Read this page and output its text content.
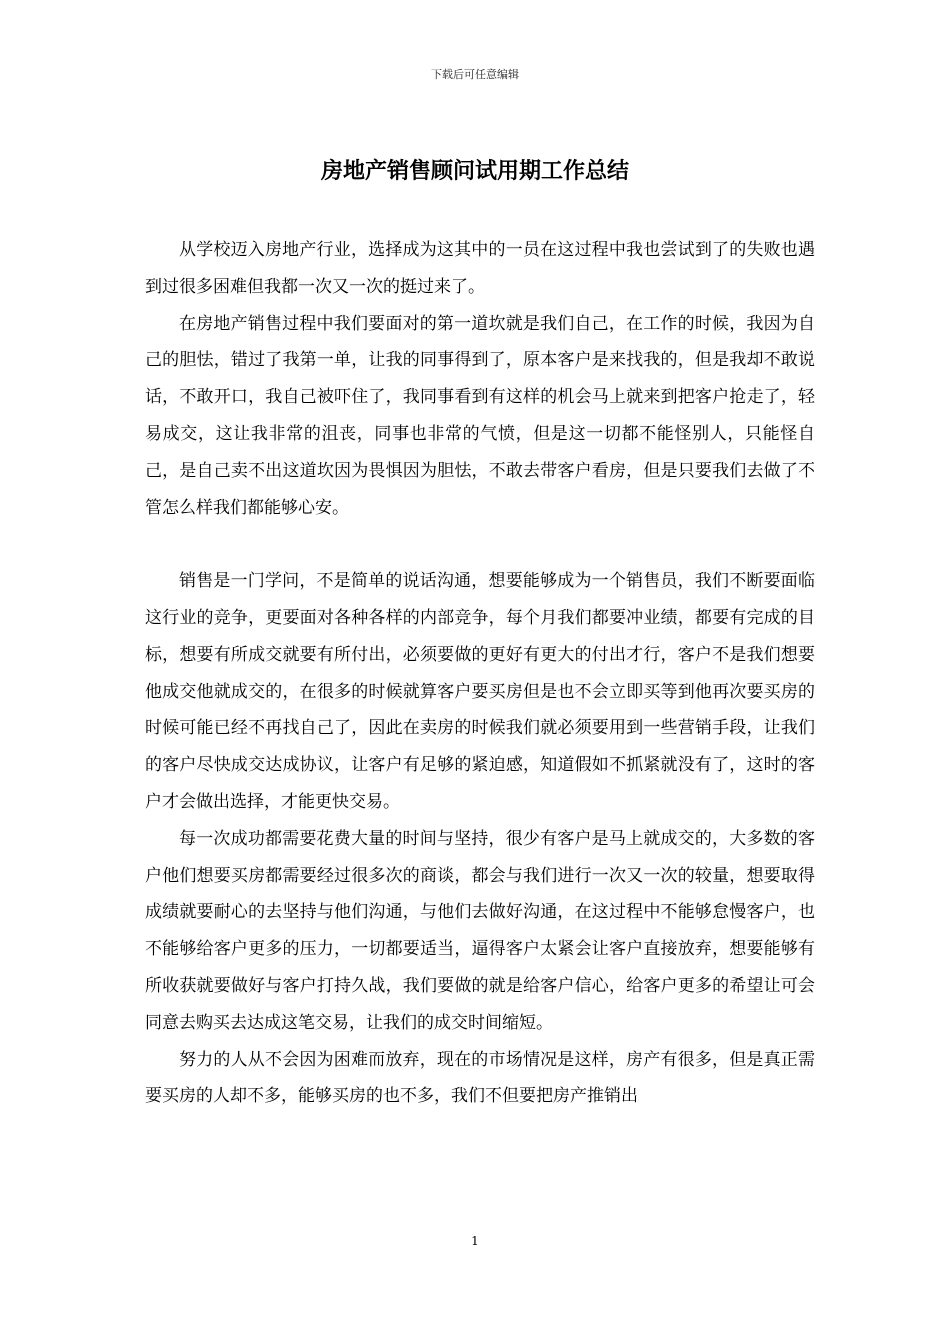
下载后可任意编辑
房地产销售顾问试用期工作总结

从学校迈入房地产行业，选择成为这其中的一员在这过程中我也尝试到了的失败也遇到过很多困难但我都一次又一次的挺过来了。

在房地产销售过程中我们要面对的第一道坎就是我们自己，在工作的时候，我因为自己的胆怯，错过了我第一单，让我的同事得到了，原本客户是来找我的，但是我却不敢说话，不敢开口，我自己被吓住了，我同事看到有这样的机会马上就来到把客户抢走了，轻易成交，这让我非常的沮丧，同事也非常的气愤，但是这一切都不能怪别人，只能怪自己，是自己卖不出这道坎因为畏惧因为胆怯，不敢去带客户看房，但是只要我们去做了不管怎么样我们都能够心安。

销售是一门学问，不是简单的说话沟通，想要能够成为一个销售员，我们不断要面临这行业的竞争，更要面对各种各样的内部竞争，每个月我们都要冲业绩，都要有完成的目标，想要有所成交就要有所付出，必须要做的更好有更大的付出才行，客户不是我们想要他成交他就成交的，在很多的时候就算客户要买房但是也不会立即买等到他再次要买房的时候可能已经不再找自己了，因此在卖房的时候我们就必须要用到一些营销手段，让我们的客户尽快成交达成协议，让客户有足够的紧迫感，知道假如不抓紧就没有了，这时的客户才会做出选择，才能更快交易。

每一次成功都需要花费大量的时间与坚持，很少有客户是马上就成交的，大多数的客户他们想要买房都需要经过很多次的商谈，都会与我们进行一次又一次的较量，想要取得成绩就要耐心的去坚持与他们沟通，与他们去做好沟通，在这过程中不能够怠慢客户，也不能够给客户更多的压力，一切都要适当，逼得客户太紧会让客户直接放弃，想要能够有所收获就要做好与客户打持久战，我们要做的就是给客户信心，给客户更多的希望让可会同意去购买去达成这笔交易，让我们的成交时间缩短。

努力的人从不会因为困难而放弃，现在的市场情况是这样，房产有很多，但是真正需要买房的人却不多，能够买房的也不多，我们不但要把房产推销出

1
